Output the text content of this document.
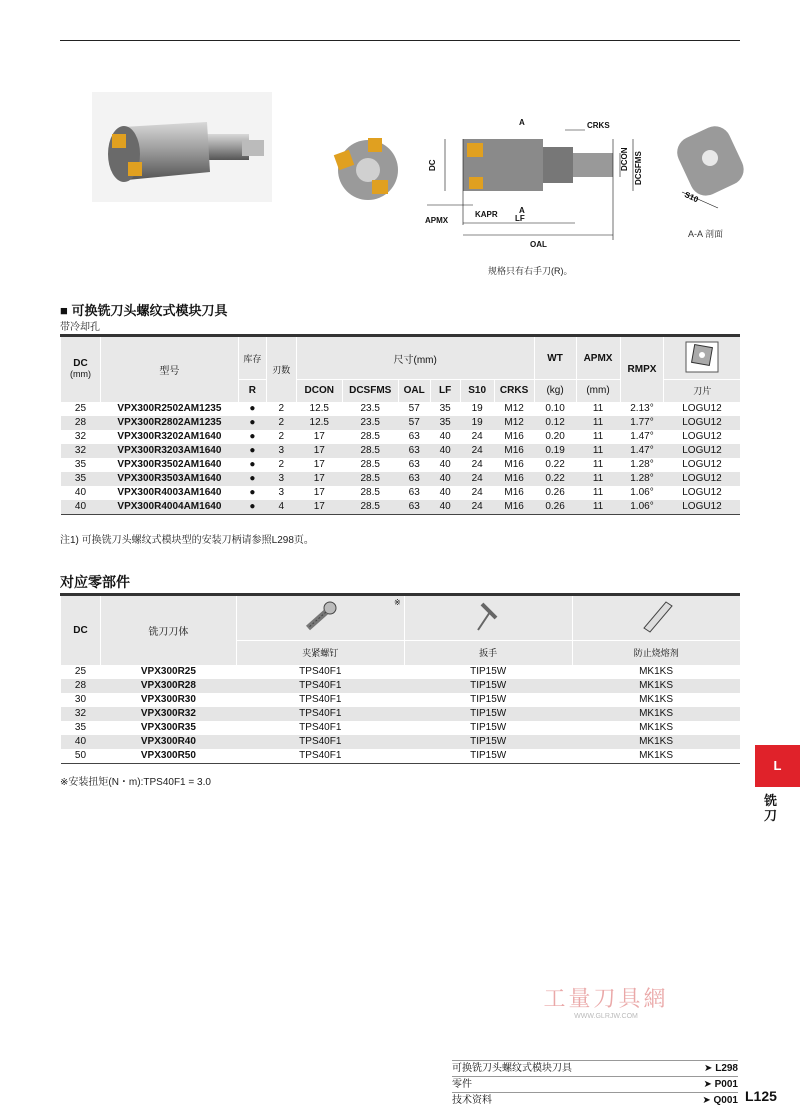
A
A
CRKS
DC	DCON DCSFMS
KAPR
APMX	LF
OAL
S10
A-A 剖面
规格只有右手刀(R)。
■ 可换铣刀头螺纹式模块刀具
带冷却孔
DC
(mm)	型号	库存	刃数	尺寸(mm)						WT	APMX	RMPX	
		R		DCON	DCSFMS	OAL	LF	S10	CRKS	(kg)	(mm)		刀片
25	VPX300R2502AM1235	●	2	12.5	23.5	57	35	19	M12	0.10	11	2.13°	LOGU12
28	VPX300R2802AM1235	●	2	12.5	23.5	57	35	19	M12	0.12	11	1.77°	LOGU12
32	VPX300R3202AM1640	●	2	17	28.5	63	40	24	M16	0.20	11	1.47°	LOGU12
32	VPX300R3203AM1640	●	3	17	28.5	63	40	24	M16	0.19	11	1.47°	LOGU12
35	VPX300R3502AM1640	●	2	17	28.5	63	40	24	M16	0.22	11	1.28°	LOGU12
35	VPX300R3503AM1640	●	3	17	28.5	63	40	24	M16	0.22	11	1.28°	LOGU12
40	VPX300R4003AM1640	●	3	17	28.5	63	40	24	M16	0.26	11	1.06°	LOGU12
40	VPX300R4004AM1640	●	4	17	28.5	63	40	24	M16	0.26	11	1.06°	LOGU12
注1) 可换铣刀头螺纹式模块型的安装刀柄请参照L298页。
对应零部件
DC	铣刀刀体	※

		夹紧螺钉	扳手	防止烧熔剂
25	VPX300R25	TPS40F1	TIP15W	MK1KS
28	VPX300R28	TPS40F1	TIP15W	MK1KS
30	VPX300R30	TPS40F1	TIP15W	MK1KS
32	VPX300R32	TPS40F1	TIP15W	MK1KS
35	VPX300R35	TPS40F1	TIP15W	MK1KS
40	VPX300R40	TPS40F1	TIP15W	MK1KS
50	VPX300R50	TPS40F1	TIP15W	MK1KS
※安装扭矩(N・m):TPS40F1 = 3.0
L
铣刀
工量刀具網
WWW.GLRJW.COM
可换铣刀头螺纹式模块刀具	➤ L298
零件	➤ P001
技术资料	➤ Q001 L125
